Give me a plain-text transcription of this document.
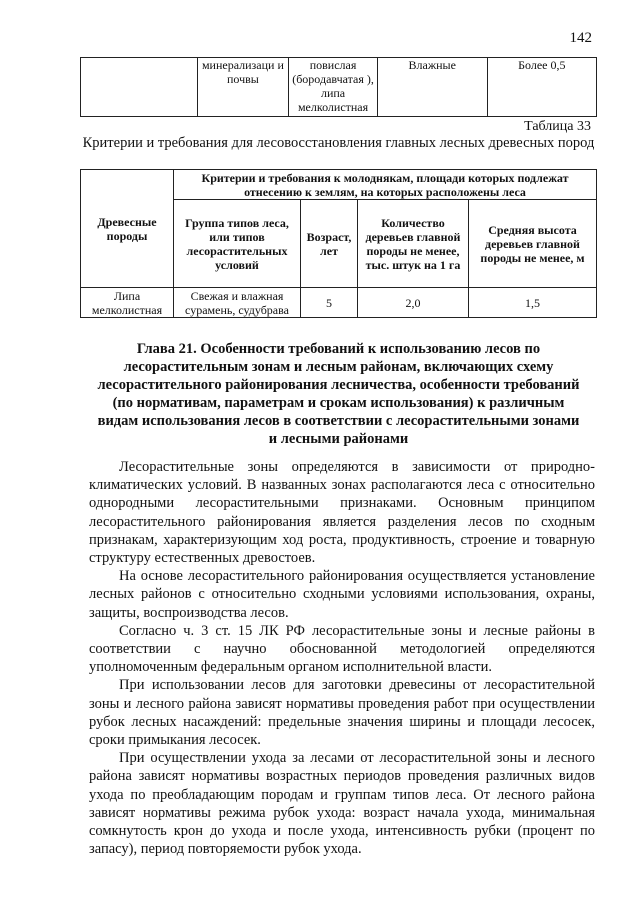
142
	минерализаци и почвы	повислая (бородавчатая ), липа мелколистная	Влажные	Более 0,5
Таблица 33
Критерии и требования для лесовосстановления главных лесных древесных пород
Древесные породы	Критерии и требования к молоднякам, площади которых подлежат отнесению к землям, на которых расположены леса			
	Группа типов леса, или типов лесорастительных условий	Возраст, лет	Количество деревьев главной породы не менее, тыс. штук на 1 га	Средняя высота деревьев главной породы не менее, м
Липа мелколистная	Свежая и влажная сурамень, судубрава	5	2,0	1,5
Глава 21. Особенности требований к использованию лесов по лесорастительным зонам и лесным районам, включающих схему лесорастительного районирования лесничества, особенности требований (по нормативам, параметрам и срокам использования) к различным видам использования лесов в соответствии с лесорастительными зонами и лесными районами

Лесорастительные зоны определяются в зависимости от природно-климатических условий. В названных зонах располагаются леса с относительно однородными лесорастительными признаками. Основным принципом лесорастительного районирования является разделения лесов по сходным признакам, характеризующим ход роста, продуктивность, строение и товарную структуру естественных древостоев.

На основе лесорастительного районирования осуществляется установление лесных районов с относительно сходными условиями использования, охраны, защиты, воспроизводства лесов.

Согласно ч. 3 ст. 15 ЛК РФ лесорастительные зоны и лесные районы в соответствии с научно обоснованной методологией определяются уполномоченным федеральным органом исполнительной власти.

При использовании лесов для заготовки древесины от лесорастительной зоны и лесного района зависят нормативы проведения работ при осуществлении рубок лесных насаждений: предельные значения ширины и площади лесосек, сроки примыкания лесосек.

При осуществлении ухода за лесами от лесорастительной зоны и лесного района зависят нормативы возрастных периодов проведения различных видов ухода по преобладающим породам и группам типов леса. От лесного района зависят нормативы режима рубок ухода: возраст начала ухода, минимальная сомкнутость крон до ухода и после ухода, интенсивность рубки (процент по запасу), период повторяемости рубок ухода.
